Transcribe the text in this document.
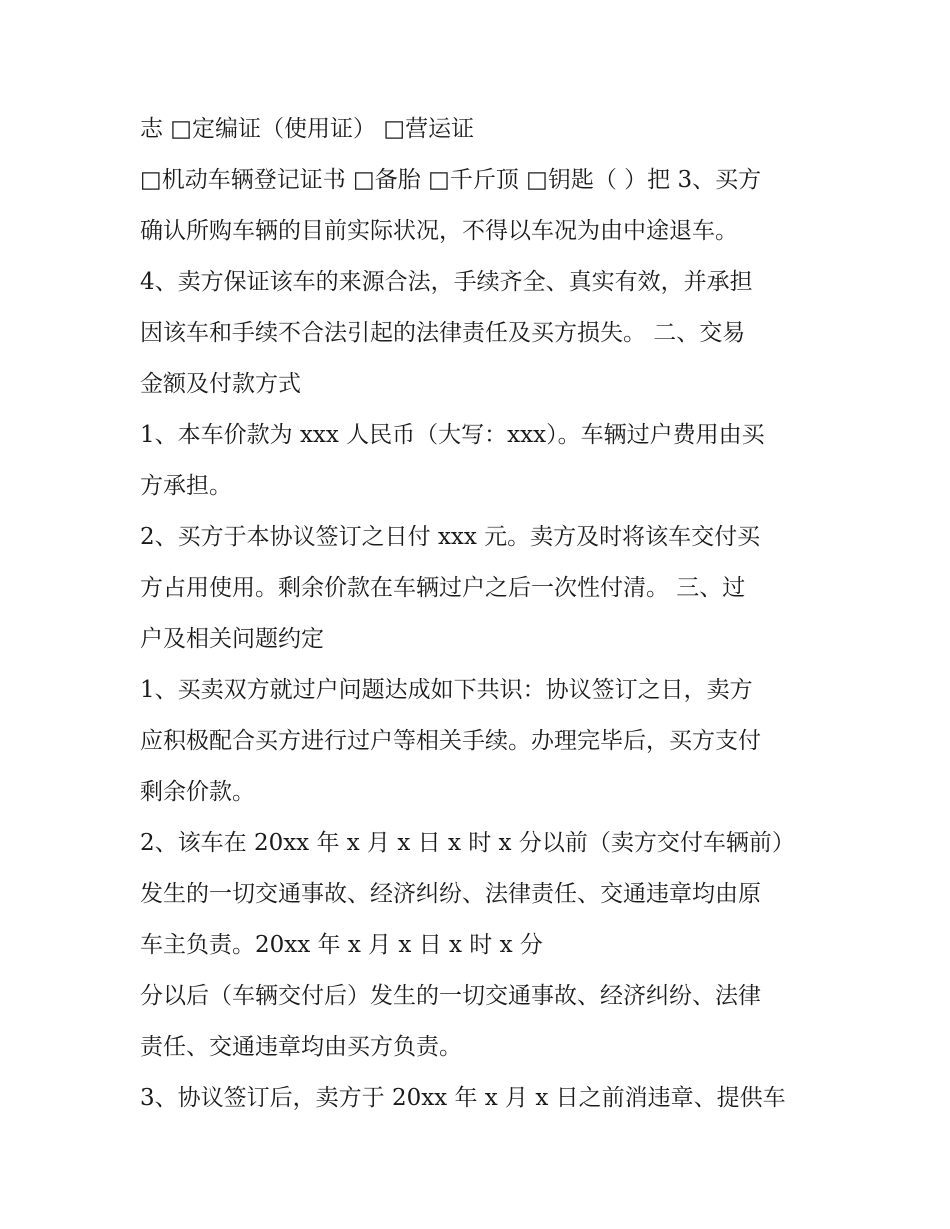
志 □定编证（使用证） □营运证
□机动车辆登记证书 □备胎 □千斤顶 □钥匙（ ）把 3、买方
确认所购车辆的目前实际状况，不得以车况为由中途退车。
4、卖方保证该车的来源合法，手续齐全、真实有效，并承担
因该车和手续不合法引起的法律责任及买方损失。 二、交易
金额及付款方式
1、本车价款为 xxx 人民币（大写：xxx）。车辆过户费用由买
方承担。
2、买方于本协议签订之日付 xxx 元。卖方及时将该车交付买
方占用使用。剩余价款在车辆过户之后一次性付清。 三、过
户及相关问题约定
1、买卖双方就过户问题达成如下共识：协议签订之日，卖方
应积极配合买方进行过户等相关手续。办理完毕后，买方支付
剩余价款。
2、该车在 20xx 年 x 月 x 日 x 时 x 分以前（卖方交付车辆前）
发生的一切交通事故、经济纠纷、法律责任、交通违章均由原
车主负责。20xx 年 x 月 x 日 x 时 x 分
分以后（车辆交付后）发生的一切交通事故、经济纠纷、法律
责任、交通违章均由买方负责。
3、协议签订后，卖方于 20xx 年 x 月 x 日之前消违章、提供车
